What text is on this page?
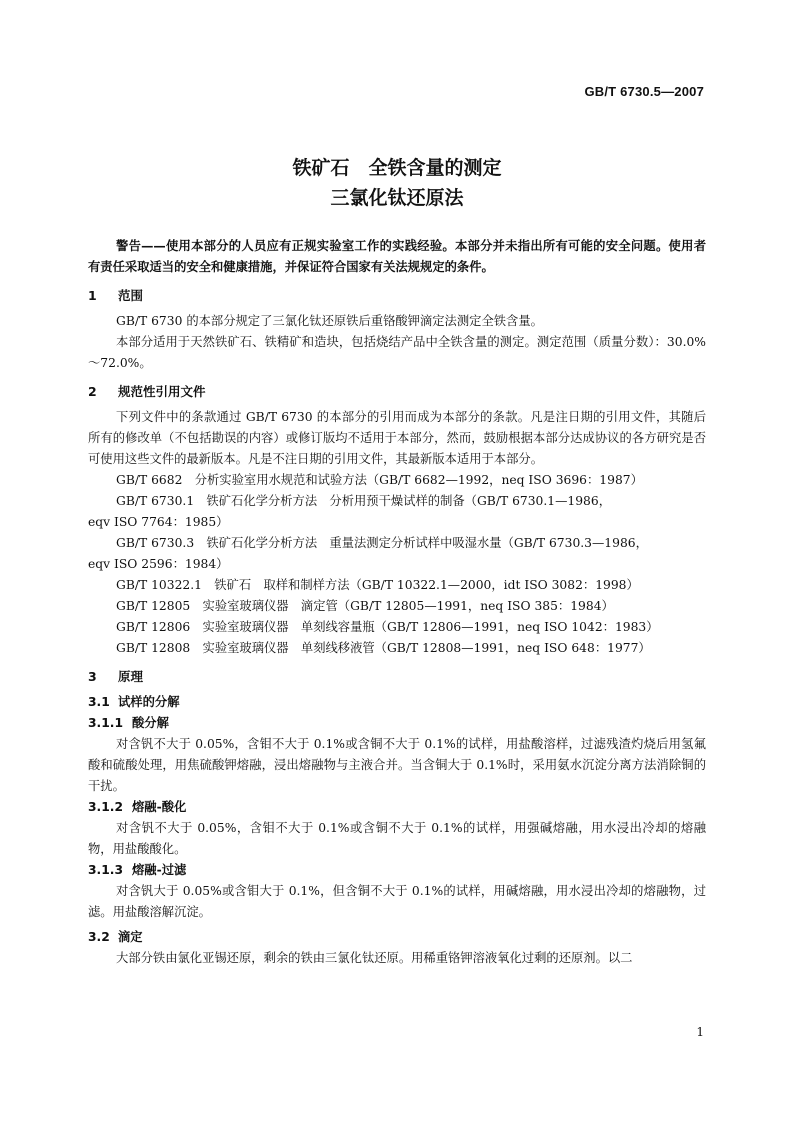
GB/T 6730.5—2007
铁矿石　全铁含量的测定
三氯化钛还原法

警告——使用本部分的人员应有正规实验室工作的实践经验。本部分并未指出所有可能的安全问题。使用者有责任采取适当的安全和健康措施，并保证符合国家有关法规规定的条件。

1 范围

GB/T 6730 的本部分规定了三氯化钛还原铁后重铬酸钾滴定法测定全铁含量。

本部分适用于天然铁矿石、铁精矿和造块，包括烧结产品中全铁含量的测定。测定范围（质量分数）：30.0%～72.0%。

2 规范性引用文件

下列文件中的条款通过 GB/T 6730 的本部分的引用而成为本部分的条款。凡是注日期的引用文件，其随后所有的修改单（不包括勘误的内容）或修订版均不适用于本部分，然而，鼓励根据本部分达成协议的各方研究是否可使用这些文件的最新版本。凡是不注日期的引用文件，其最新版本适用于本部分。

GB/T 6682　分析实验室用水规范和试验方法（GB/T 6682—1992，neq ISO 3696：1987）

GB/T 6730.1　铁矿石化学分析方法　分析用预干燥试样的制备（GB/T 6730.1—1986，

eqv ISO 7764：1985）

GB/T 6730.3　铁矿石化学分析方法　重量法测定分析试样中吸湿水量（GB/T 6730.3—1986，

eqv ISO 2596：1984）

GB/T 10322.1　铁矿石　取样和制样方法（GB/T 10322.1—2000，idt ISO 3082：1998）

GB/T 12805　实验室玻璃仪器　滴定管（GB/T 12805—1991，neq ISO 385：1984）

GB/T 12806　实验室玻璃仪器　单刻线容量瓶（GB/T 12806—1991，neq ISO 1042：1983）

GB/T 12808　实验室玻璃仪器　单刻线移液管（GB/T 12808—1991，neq ISO 648：1977）

3 原理

3.1 试样的分解

3.1.1 酸分解

对含钒不大于 0.05%，含钼不大于 0.1%或含铜不大于 0.1%的试样，用盐酸溶样，过滤残渣灼烧后用氢氟酸和硫酸处理，用焦硫酸钾熔融，浸出熔融物与主液合并。当含铜大于 0.1%时，采用氨水沉淀分离方法消除铜的干扰。

3.1.2 熔融-酸化

对含钒不大于 0.05%，含钼不大于 0.1%或含铜不大于 0.1%的试样，用强碱熔融，用水浸出冷却的熔融物，用盐酸酸化。

3.1.3 熔融-过滤

对含钒大于 0.05%或含钼大于 0.1%，但含铜不大于 0.1%的试样，用碱熔融，用水浸出冷却的熔融物，过滤。用盐酸溶解沉淀。

3.2 滴定

大部分铁由氯化亚锡还原，剩余的铁由三氯化钛还原。用稀重铬钾溶液氧化过剩的还原剂。以二

1
